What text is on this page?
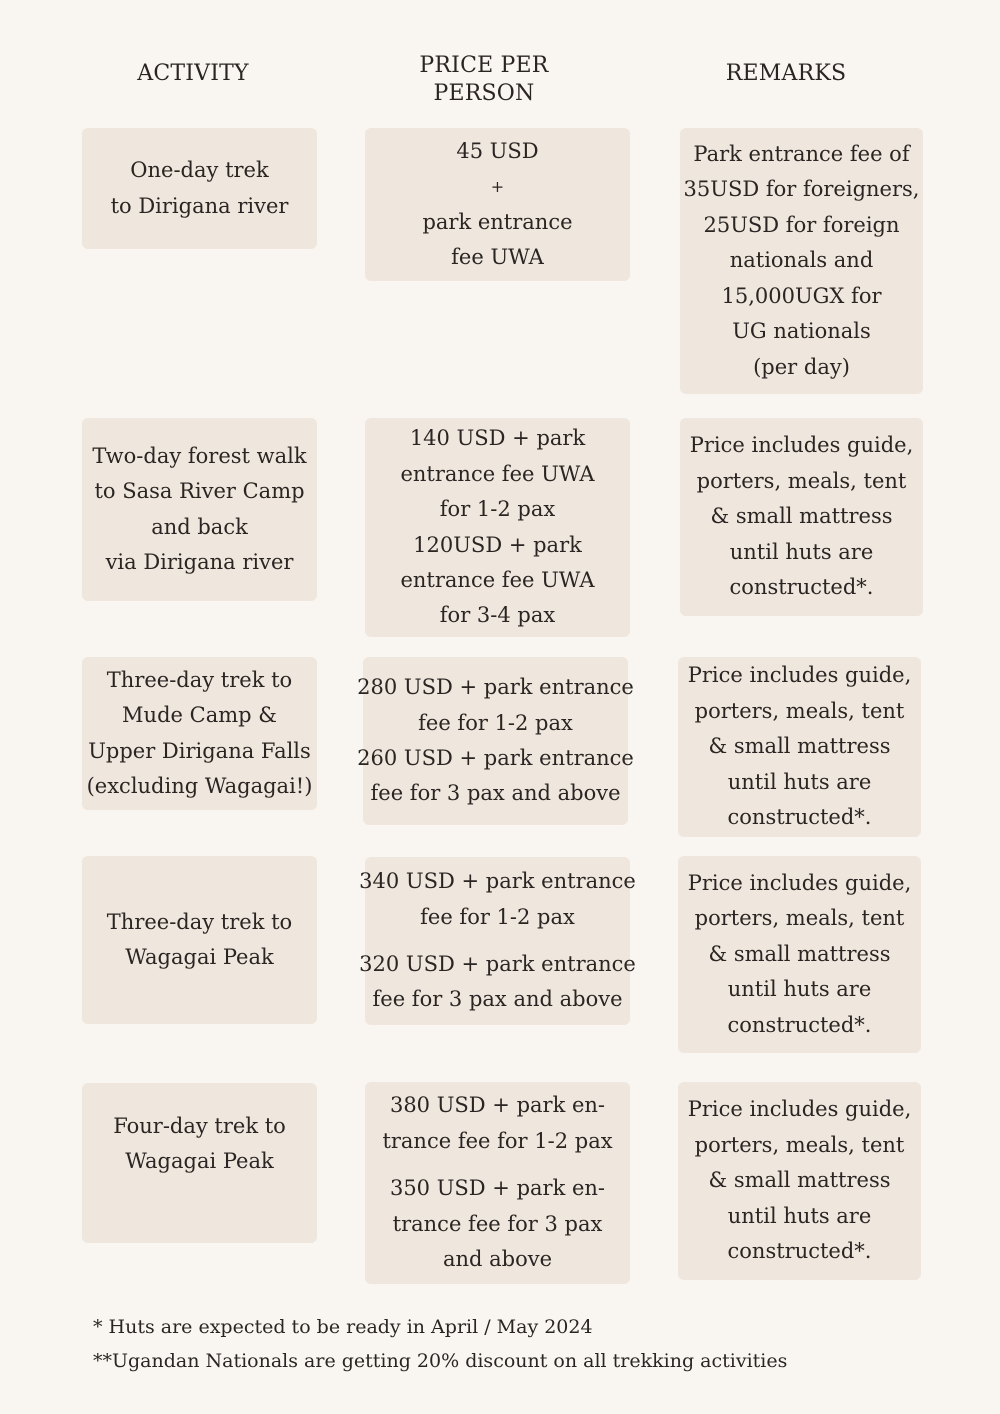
ACTIVITY	PRICE PER
PERSON
REMARKS
One-day trek
to Dirigana river
45 USD
+
park entrance
fee UWA
Park entrance fee of
35USD for foreigners,
25USD for foreign
nationals and
15,000UGX for
UG nationals
(per day)
Two-day forest walk
to Sasa River Camp
and back
via Dirigana river
140 USD + park
entrance fee UWA
for 1-2 pax
120USD + park
entrance fee UWA
for 3-4 pax
Price includes guide,
porters, meals, tent
& small mattress
until huts are
constructed*.
Three-day trek to
Mude Camp &
Upper Dirigana Falls
(excluding Wagagai!)
280 USD + park entrance
fee for 1-2 pax
260 USD + park entrance
fee for 3 pax and above
Price includes guide,
porters, meals, tent
& small mattress
until huts are
constructed*.
Three-day trek to
Wagagai Peak
340 USD + park entrance
fee for 1-2 pax
320 USD + park entrance
fee for 3 pax and above
Price includes guide,
porters, meals, tent
& small mattress
until huts are
constructed*.
Four-day trek to
Wagagai Peak
380 USD + park en-
trance fee for 1-2 pax
350 USD + park en-
trance fee for 3 pax
and above
Price includes guide,
porters, meals, tent
& small mattress
until huts are
constructed*.
* Huts are expected to be ready in April / May 2024
**Ugandan Nationals are getting 20% discount on all trekking activities
